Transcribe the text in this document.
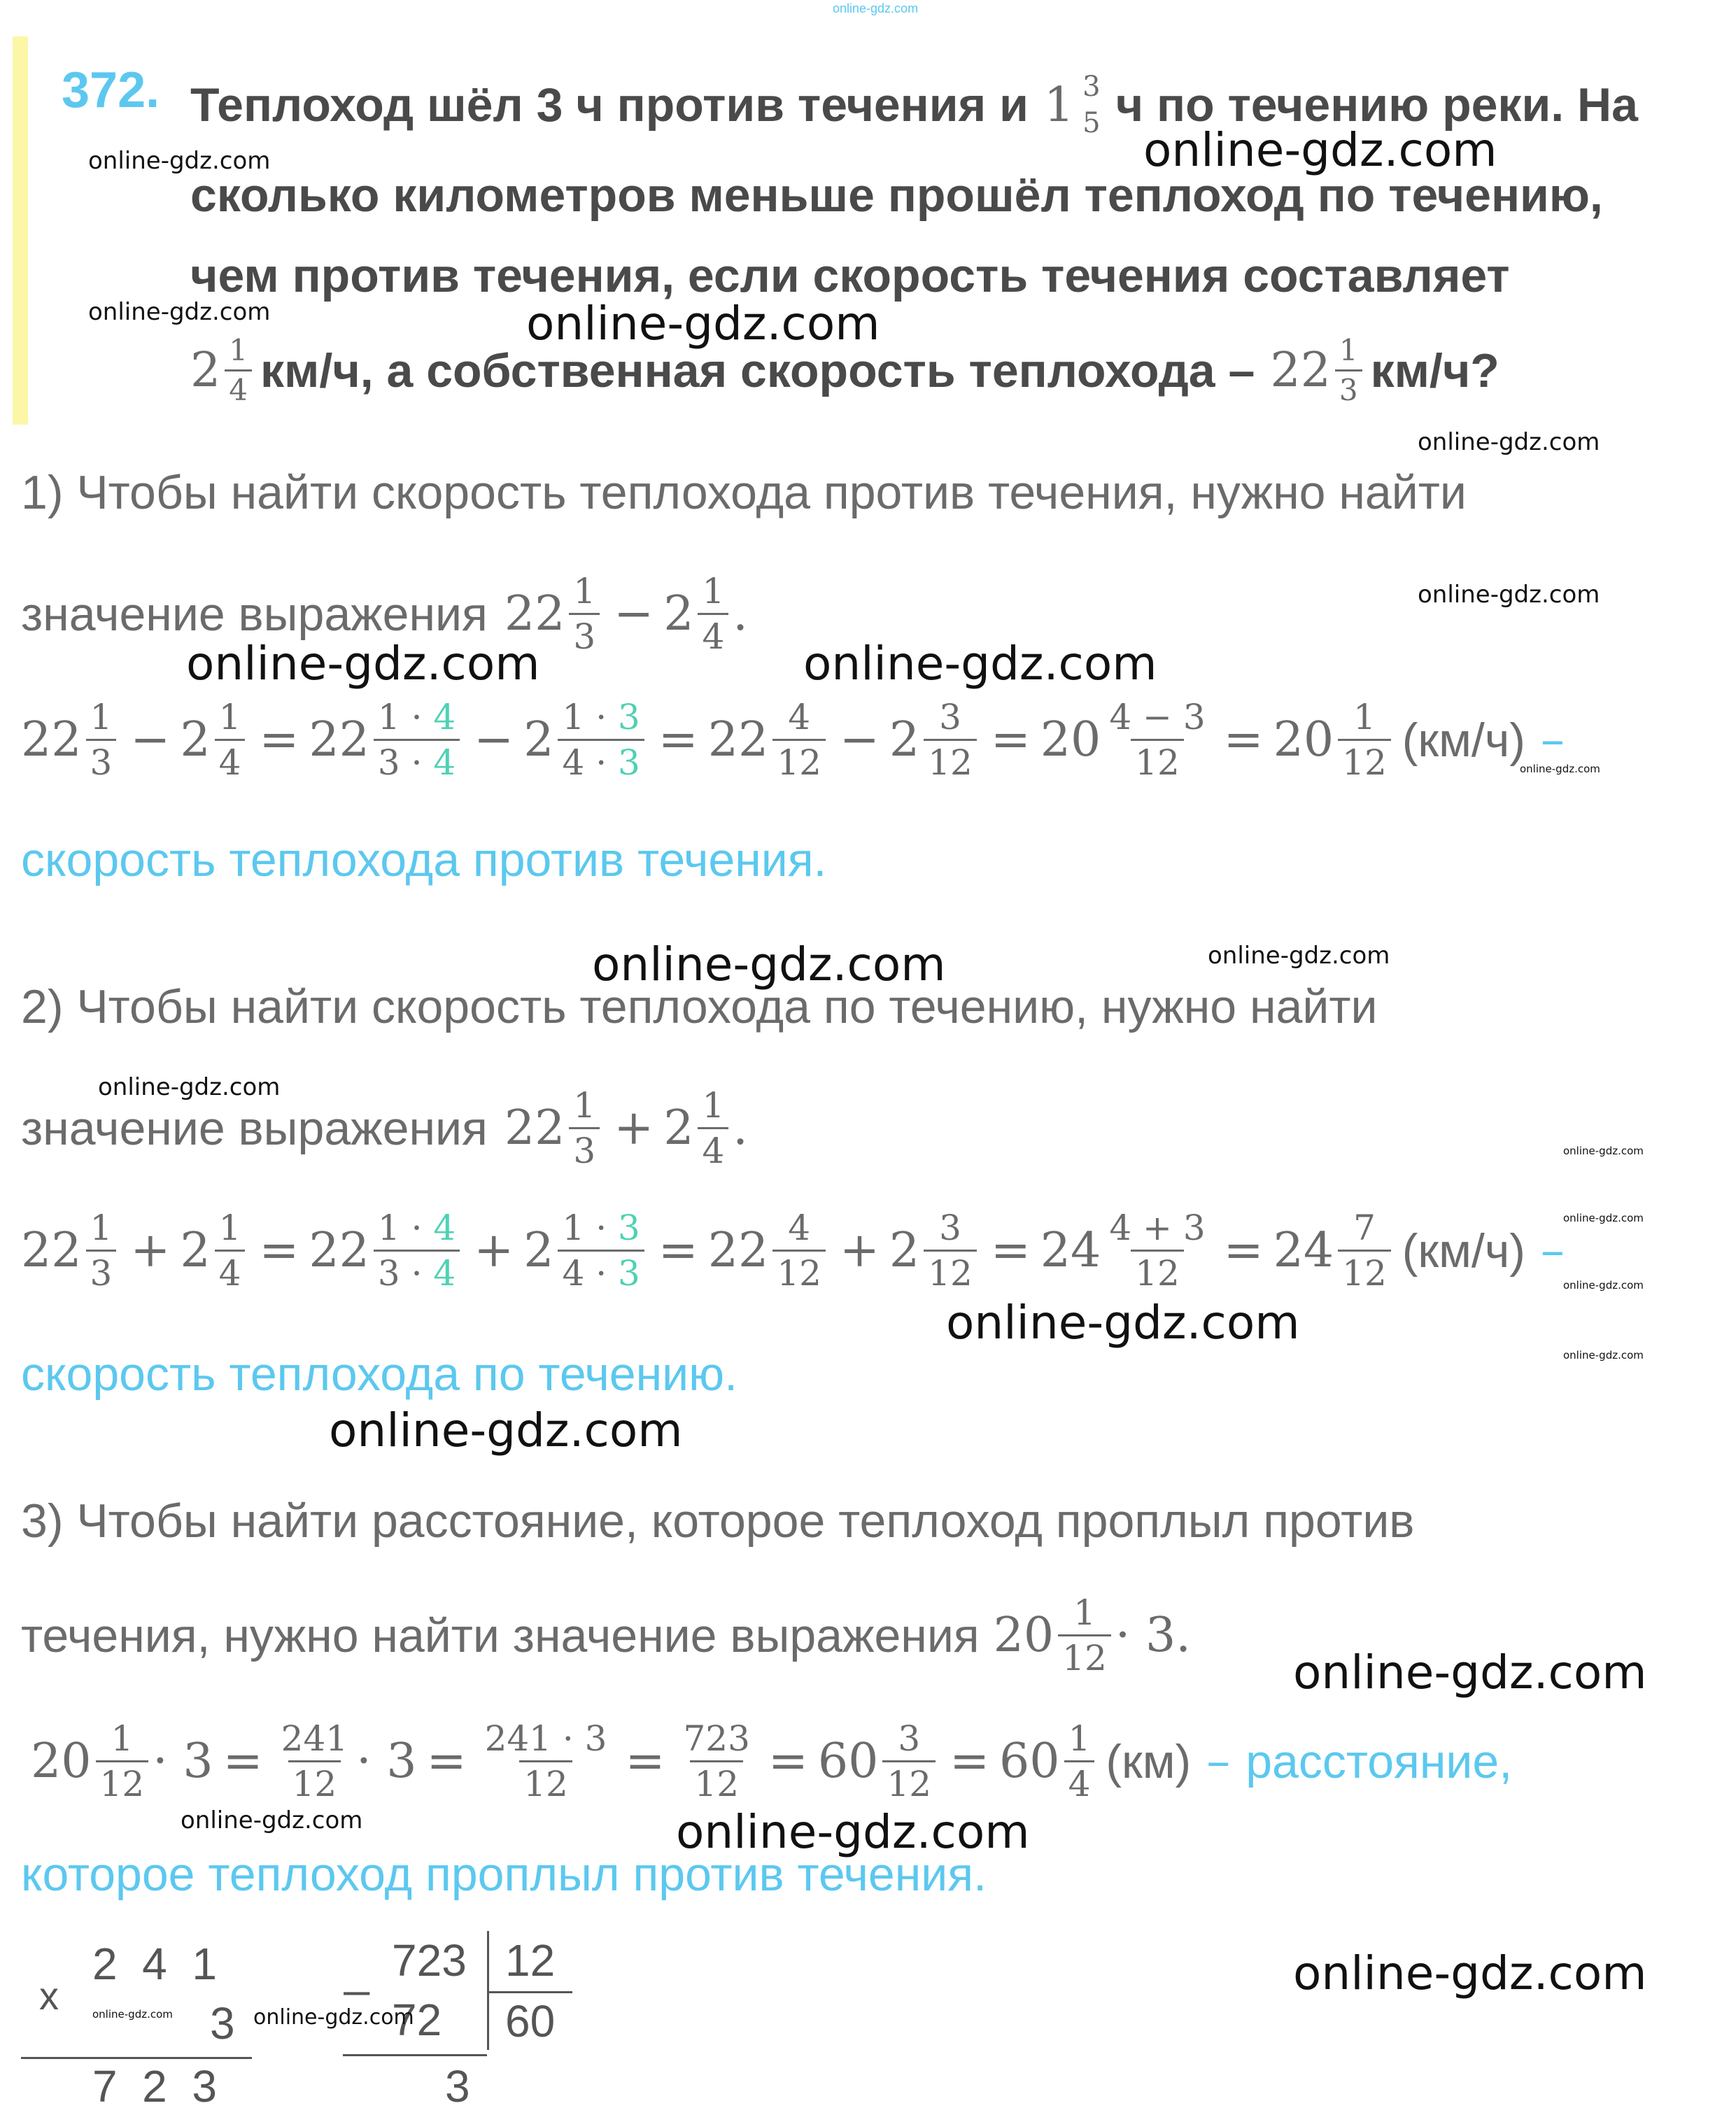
online-gdz.com
372. Теплоход шёл 3 ч против течения и 1 3
5 ч по течению реки. На
сколько километров меньше прошёл теплоход по течению,
чем против течения, если скорость течения составляет
$2 \frac{1}{4} км/ч$, а собственная скорость теплохода – $22 \frac{1}{3} км/ч$?
1) Чтобы найти скорость теплохода против течения, нужно найти
значение выражения $22 \frac{1}{3} - 2 \frac{1}{4}$ .
$22 \frac{1}{3} - 2 \frac{1}{4} = 22 \frac{1 \cdot 4}{3 \cdot 4} - 2 \frac{1 \cdot 3}{4 \cdot 3} = 22 \frac{4}{12} - 2 \frac{3}{12} = 20 \frac{4 - 3}{12} = 20 \frac{1}{12} (км/ч)$ –
скорость теплохода против течения.
2) Чтобы найти скорость теплохода по течению, нужно найти
значение выражения $22 \frac{1}{3} + 2 \frac{1}{4}$ .
$22 \frac{1}{3} + 2 \frac{1}{4} = 22 \frac{1 \cdot 4}{3 \cdot 4} + 2 \frac{1 \cdot 3}{4 \cdot 3} = 22 \frac{4}{12} + 2 \frac{3}{12} = 24 \frac{4 + 3}{12} = 24 \frac{7}{12} (км/ч)$ –
скорость теплохода по течению.
3) Чтобы найти расстояние, которое теплоход проплыл против
течения, нужно найти значение выражения $20 \frac{1}{12} \cdot 3$.
$20 \frac{1}{12} \cdot 3 = \frac{241}{12} \cdot 3 = \frac{241 \cdot 3}{12} = \frac{723}{12} = 60 \frac{3}{12} = 60 \frac{1}{4} (км)$ – расстояние,
которое теплоход проплыл против течения.
x
2  4  1
3
7  2  3
_ 723 12
72 60
3
online-gdz.com	online-gdz.com
online-gdz.com	online-gdz.com
online-gdz.com
online-gdz.com
online-gdz.com	online-gdz.com
online-gdz.com
online-gdz.com	online-gdz.com
online-gdz.com
online-gdz.com
online-gdz.com
online-gdz.com
online-gdz.com
online-gdz.com
online-gdz.com
online-gdz.com
online-gdz.com	online-gdz.com
online-gdz.com
online-gdz.com	online-gdz.com
